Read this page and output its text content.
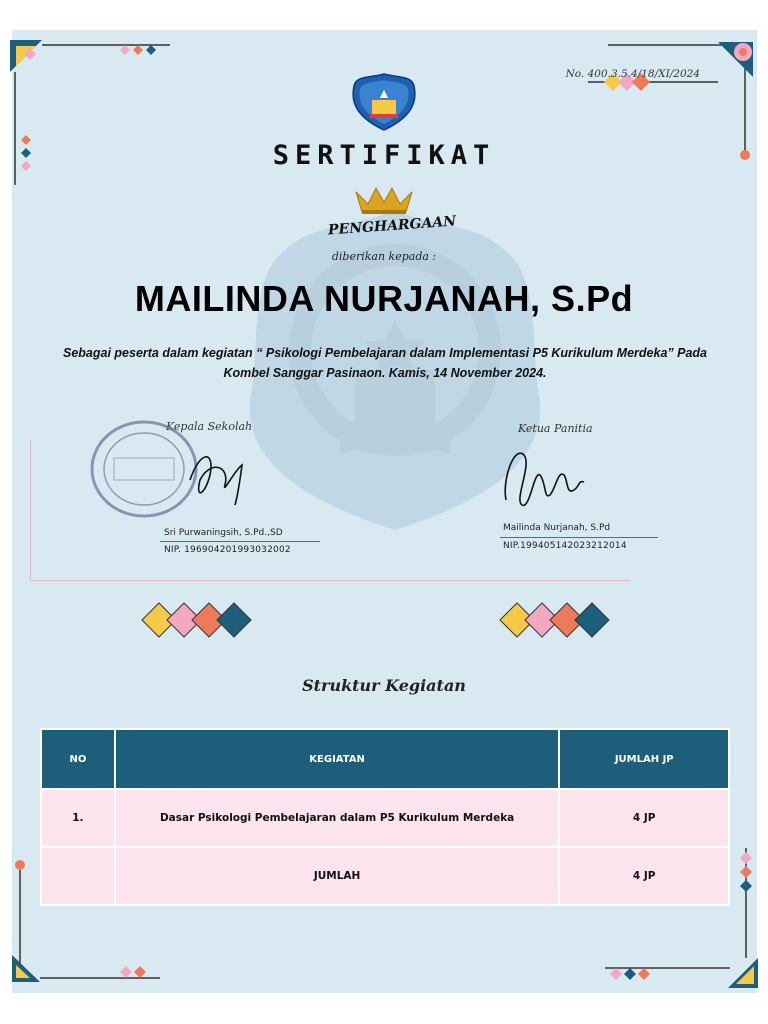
No. 400.3.5.4/18/XI/2024
SERTIFIKAT
PENGHARGAAN
diberikan kepada :
MAILINDA NURJANAH, S.Pd
Sebagai peserta dalam kegiatan “ Psikologi Pembelajaran dalam Implementasi P5 Kurikulum Merdeka” Pada Kombel Sanggar Pasinaon. Kamis, 14 November 2024.
Kepala Sekolah
Sri Purwaningsih, S.Pd.,SD
NIP. 196904201993032002
Ketua Panitia
Mailinda Nurjanah, S.Pd
NIP.199405142023212014
Struktur Kegiatan
NO	KEGIATAN	JUMLAH JP
1.	Dasar Psikologi Pembelajaran dalam P5 Kurikulum Merdeka	4 JP
	JUMLAH	4 JP
